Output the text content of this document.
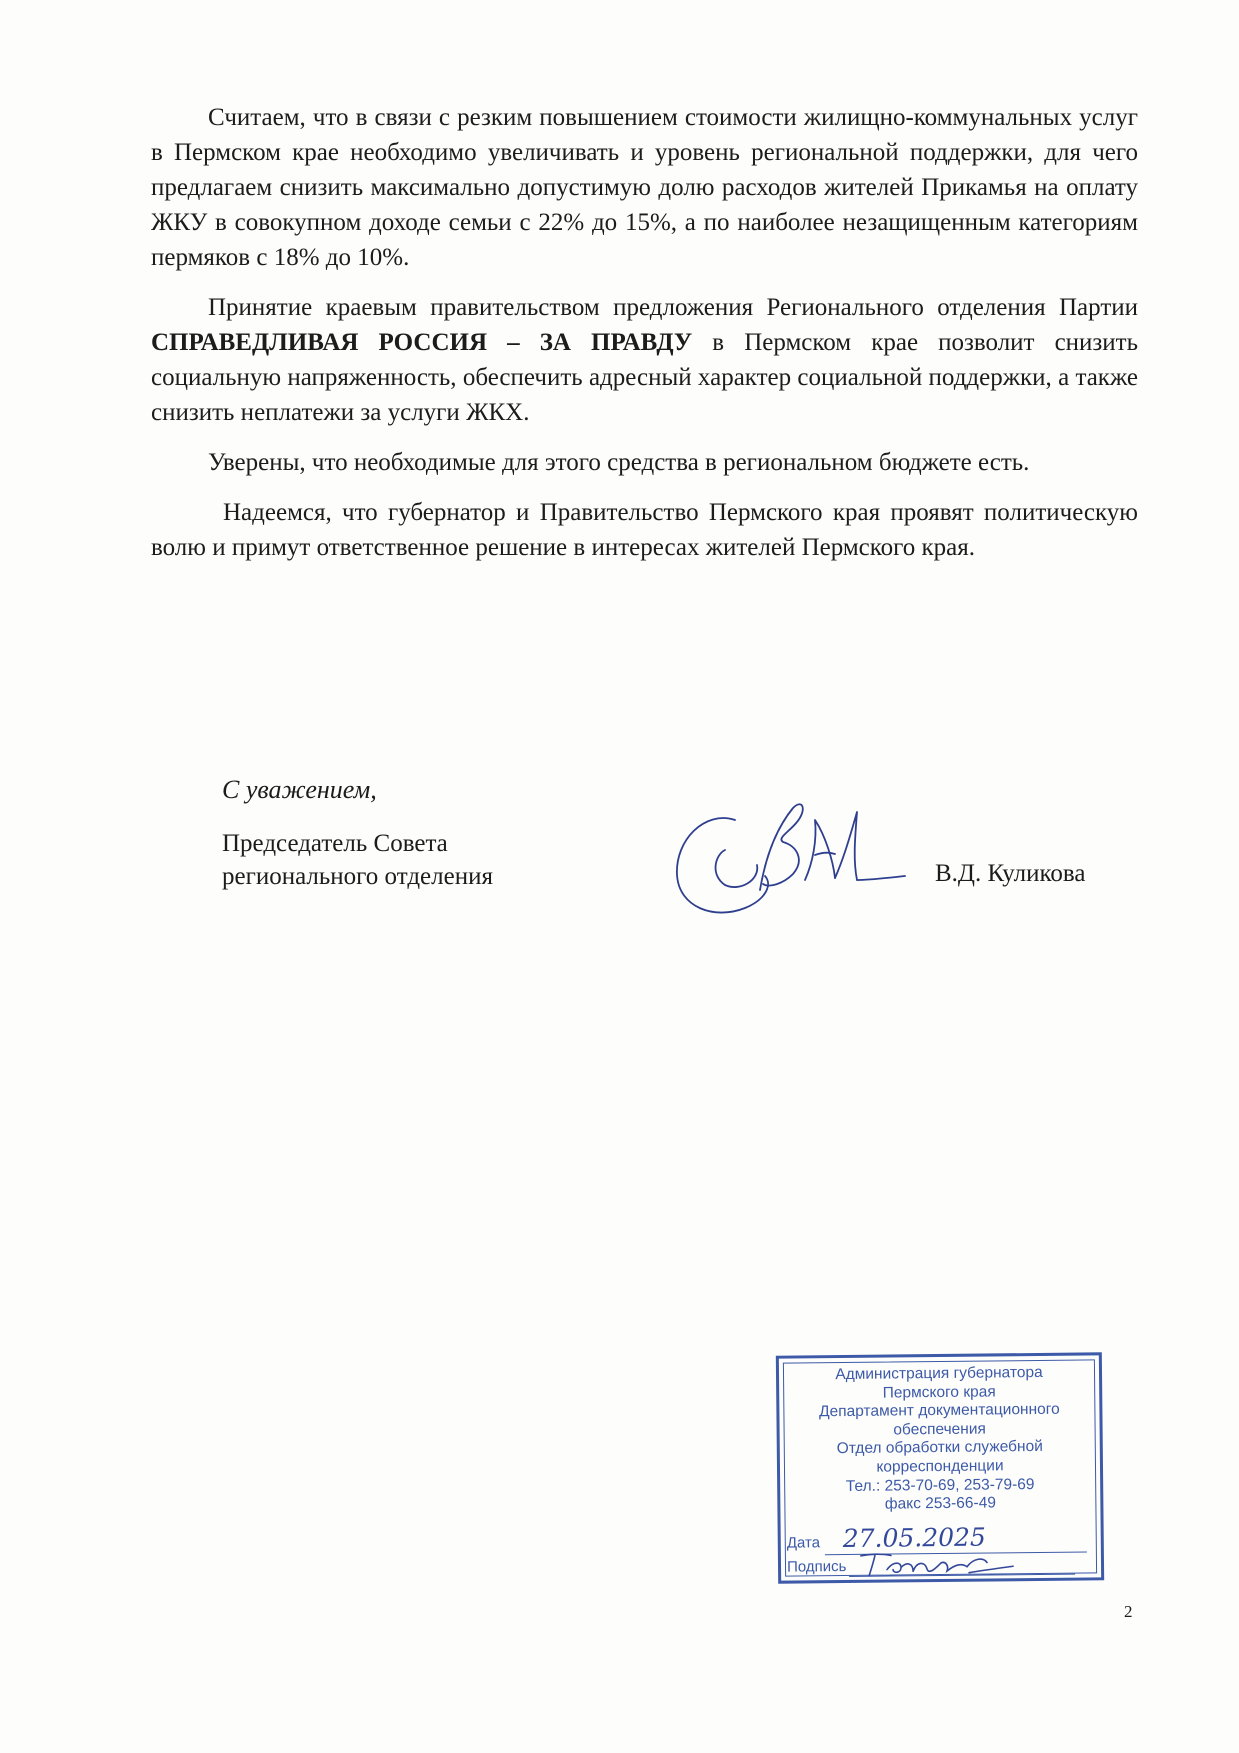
Считаем, что в связи с резким повышением стоимости жилищно-коммунальных услуг в Пермском крае необходимо увеличивать и уровень региональной поддержки, для чего предлагаем снизить максимально допустимую долю расходов жителей Прикамья на оплату ЖКУ в совокупном доходе семьи с 22% до 15%, а по наиболее незащищенным категориям пермяков с 18% до 10%.

Принятие краевым правительством предложения Регионального отделения Партии СПРАВЕДЛИВАЯ РОССИЯ – ЗА ПРАВДУ в Пермском крае позволит снизить социальную напряженность, обеспечить адресный характер социальной поддержки, а также снизить неплатежи за услуги ЖКХ.

Уверены, что необходимые для этого средства в региональном бюджете есть.

Надеемся, что губернатор и Правительство Пермского края проявят политическую волю и примут ответственное решение в интересах жителей Пермского края.

С уважением,
Председатель Совета
регионального отделения	В.Д. Куликова
Администрация губернатора
Пермского края
Департамент документационного
обеспечения
Отдел обработки служебной
корреспонденции
Тел.: 253-70-69, 253-79-69
факс 253-66-49
Дата 27.05.2025
Подпись
2
